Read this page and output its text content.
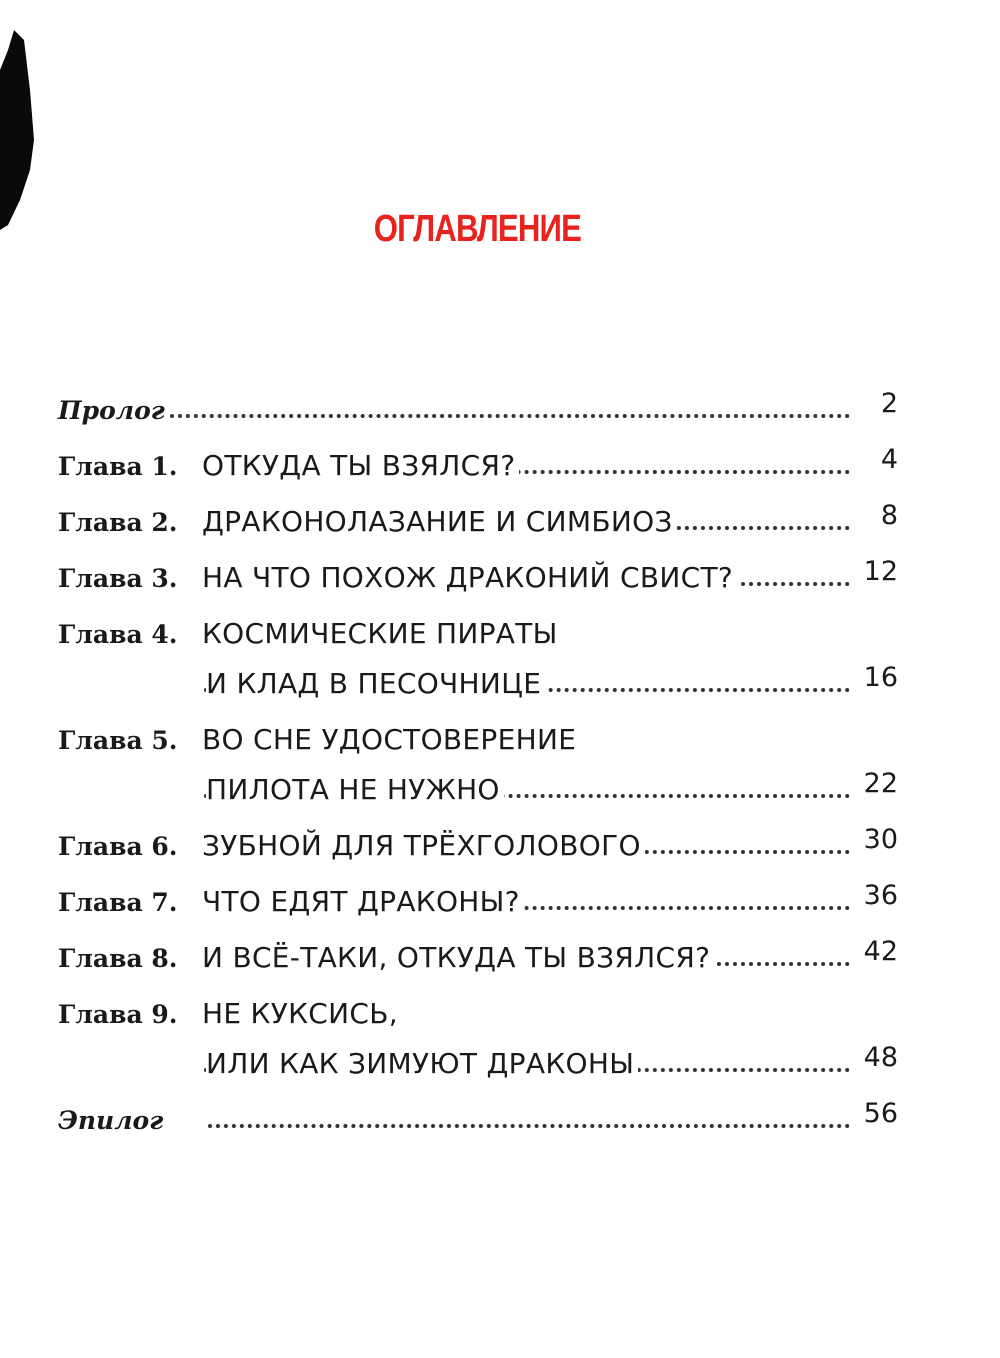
ОГЛАВЛЕНИЕ
Пролог	2
Глава 1. ОТКУДА ТЫ ВЗЯЛСЯ?	4
Глава 2. ДРАКОНОЛАЗАНИЕ И СИМБИОЗ	8
Глава 3. НА ЧТО ПОХОЖ ДРАКОНИЙ СВИСТ?	12
Глава 4. КОСМИЧЕСКИЕ ПИРАТЫ
И КЛАД В ПЕСОЧНИЦЕ	16
Глава 5. ВО СНЕ УДОСТОВЕРЕНИЕ
ПИЛОТА НЕ НУЖНО	22
Глава 6. ЗУБНОЙ ДЛЯ ТРЁХГОЛОВОГО	30
Глава 7. ЧТО ЕДЯТ ДРАКОНЫ?	36
Глава 8. И ВСЁ-ТАКИ, ОТКУДА ТЫ ВЗЯЛСЯ?	42
Глава 9. НЕ КУКСИСЬ,
ИЛИ КАК ЗИМУЮТ ДРАКОНЫ	48
Эпилог	56
